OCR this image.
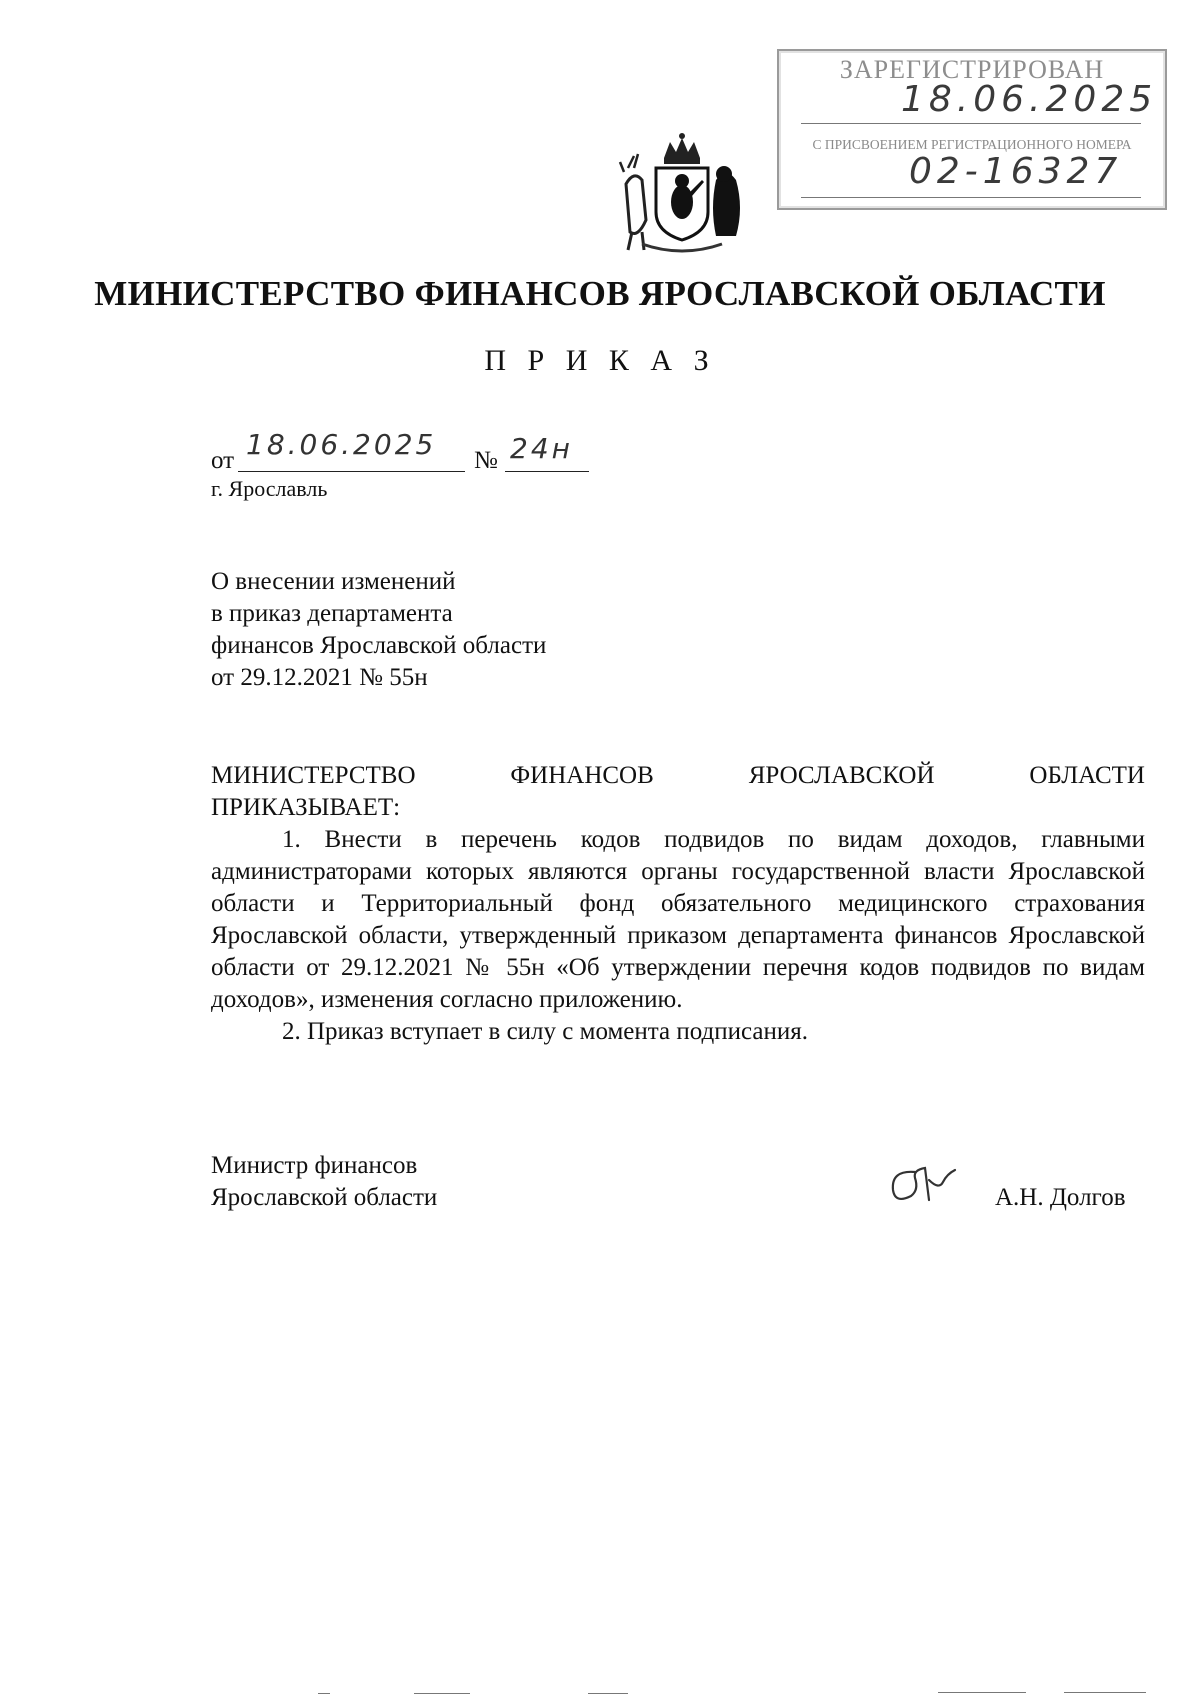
ЗАРЕГИСТРИРОВАН
18.06.2025
С ПРИСВОЕНИЕМ РЕГИСТРАЦИОННОГО НОМЕРА
02-16327
МИНИСТЕРСТВО ФИНАНСОВ ЯРОСЛАВСКОЙ ОБЛАСТИ
П Р И К А З
от 18.06.2025 № 24н
г. Ярославль
О внесении изменений
в приказ департамента
финансов Ярославской области
от 29.12.2021 № 55н
МИНИСТЕРСТВО	ФИНАНСОВ	ЯРОСЛАВСКОЙ	ОБЛАСТИ
ПРИКАЗЫВАЕТ:
1. Внести в перечень кодов подвидов по видам доходов, главными администраторами которых являются органы государственной власти Ярославской области и Территориальный фонд обязательного медицинского страхования Ярославской области, утвержденный приказом департамента финансов Ярославской области от 29.12.2021 № 55н «Об утверждении перечня кодов подвидов по видам доходов», изменения согласно приложению.
2. Приказ вступает в силу с момента подписания.
Министр финансов
Ярославской области	А.Н. Долгов
